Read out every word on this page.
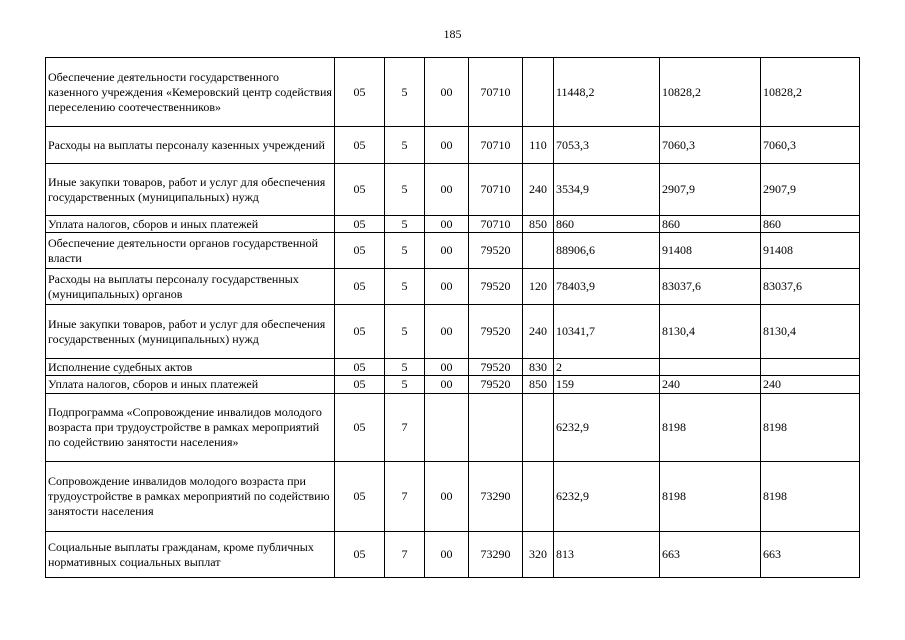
185
Обеспечение деятельности государственного казенного учреждения «Кемеровский центр содействия переселению соотечественников»	05	5	00	70710		11448,2	10828,2	10828,2
Расходы на выплаты персоналу казенных учреждений	05	5	00	70710	110	7053,3	7060,3	7060,3
Иные закупки товаров, работ и услуг для обеспечения государственных (муниципальных) нужд	05	5	00	70710	240	3534,9	2907,9	2907,9
Уплата налогов, сборов и иных платежей	05	5	00	70710	850	860	860	860
Обеспечение деятельности органов государственной власти	05	5	00	79520		88906,6	91408	91408
Расходы на выплаты персоналу государственных (муниципальных) органов	05	5	00	79520	120	78403,9	83037,6	83037,6
Иные закупки товаров, работ и услуг для обеспечения государственных (муниципальных) нужд	05	5	00	79520	240	10341,7	8130,4	8130,4
Исполнение судебных актов	05	5	00	79520	830	2		
Уплата налогов, сборов и иных платежей	05	5	00	79520	850	159	240	240
Подпрограмма «Сопровождение инвалидов молодого возраста при трудоустройстве в рамках мероприятий по содействию занятости населения»	05	7				6232,9	8198	8198
Сопровождение инвалидов молодого возраста при трудоустройстве в рамках мероприятий по содействию занятости населения	05	7	00	73290		6232,9	8198	8198
Социальные выплаты гражданам, кроме публичных нормативных социальных выплат	05	7	00	73290	320	813	663	663
